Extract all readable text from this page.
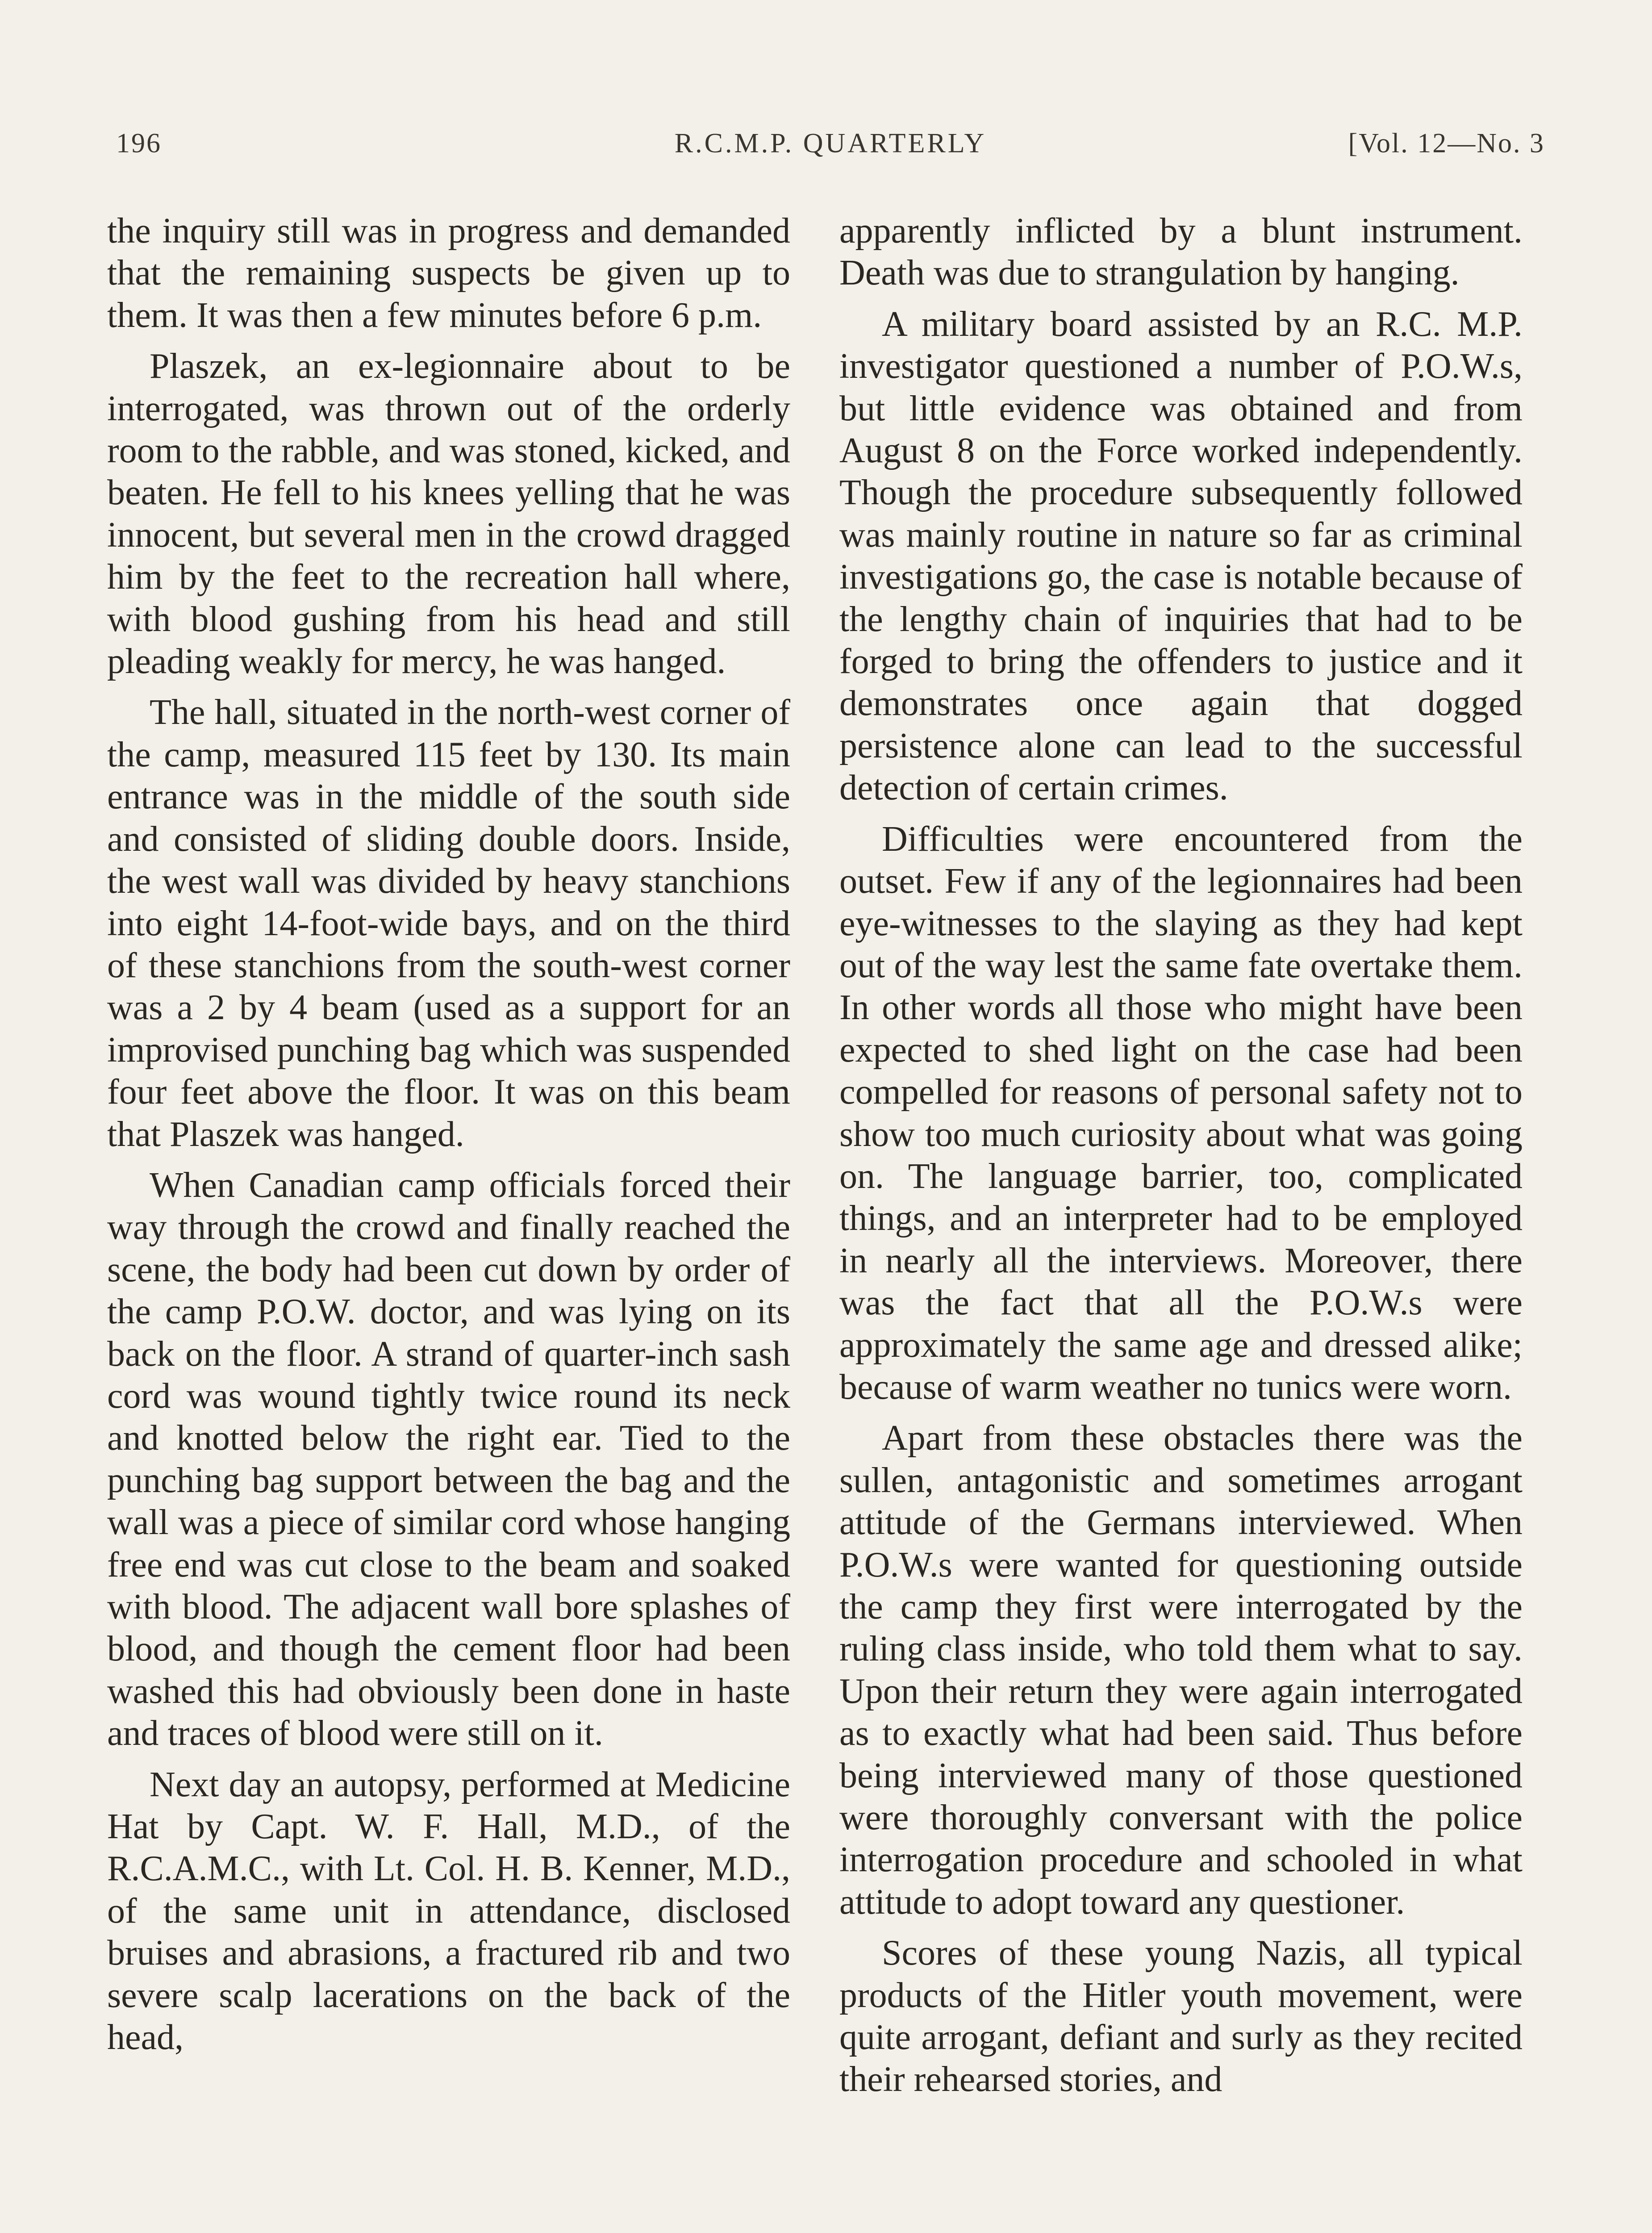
196	R.C.M.P. QUARTERLY	[Vol. 12—No. 3

the inquiry still was in progress and demanded that the remaining suspects be given up to them. It was then a few minutes before 6 p.m.

Plaszek, an ex-legionnaire about to be interrogated, was thrown out of the orderly room to the rabble, and was stoned, kicked, and beaten. He fell to his knees yelling that he was innocent, but several men in the crowd dragged him by the feet to the recreation hall where, with blood gushing from his head and still pleading weakly for mercy, he was hanged.

The hall, situated in the north-west corner of the camp, measured 115 feet by 130. Its main entrance was in the middle of the south side and consisted of sliding double doors. Inside, the west wall was divided by heavy stanchions into eight 14-foot-wide bays, and on the third of these stanchions from the south-west corner was a 2 by 4 beam (used as a support for an improvised punching bag which was suspended four feet above the floor. It was on this beam that Plaszek was hanged.

When Canadian camp officials forced their way through the crowd and finally reached the scene, the body had been cut down by order of the camp P.O.W. doctor, and was lying on its back on the floor. A strand of quarter-inch sash cord was wound tightly twice round its neck and knotted below the right ear. Tied to the punching bag support between the bag and the wall was a piece of similar cord whose hanging free end was cut close to the beam and soaked with blood. The adjacent wall bore splashes of blood, and though the cement floor had been washed this had obviously been done in haste and traces of blood were still on it.

Next day an autopsy, performed at Medicine Hat by Capt. W. F. Hall, M.D., of the R.C.A.M.C., with Lt. Col. H. B. Kenner, M.D., of the same unit in attendance, disclosed bruises and abrasions, a fractured rib and two severe scalp lacerations on the back of the head,

apparently inflicted by a blunt instrument. Death was due to strangulation by hanging.

A military board assisted by an R.C. M.P. investigator questioned a number of P.O.W.s, but little evidence was obtained and from August 8 on the Force worked independently. Though the procedure subsequently followed was mainly routine in nature so far as criminal investigations go, the case is notable because of the lengthy chain of inquiries that had to be forged to bring the offenders to justice and it demonstrates once again that dogged persistence alone can lead to the successful detection of certain crimes.

Difficulties were encountered from the outset. Few if any of the legionnaires had been eye-witnesses to the slaying as they had kept out of the way lest the same fate overtake them. In other words all those who might have been expected to shed light on the case had been compelled for reasons of personal safety not to show too much curiosity about what was going on. The language barrier, too, complicated things, and an interpreter had to be employed in nearly all the interviews. Moreover, there was the fact that all the P.O.W.s were approximately the same age and dressed alike; because of warm weather no tunics were worn.

Apart from these obstacles there was the sullen, antagonistic and sometimes arrogant attitude of the Germans interviewed. When P.O.W.s were wanted for questioning outside the camp they first were interrogated by the ruling class inside, who told them what to say. Upon their return they were again interrogated as to exactly what had been said. Thus before being interviewed many of those questioned were thoroughly conversant with the police interrogation procedure and schooled in what attitude to adopt toward any questioner.

Scores of these young Nazis, all typical products of the Hitler youth movement, were quite arrogant, defiant and surly as they recited their rehearsed stories, and
